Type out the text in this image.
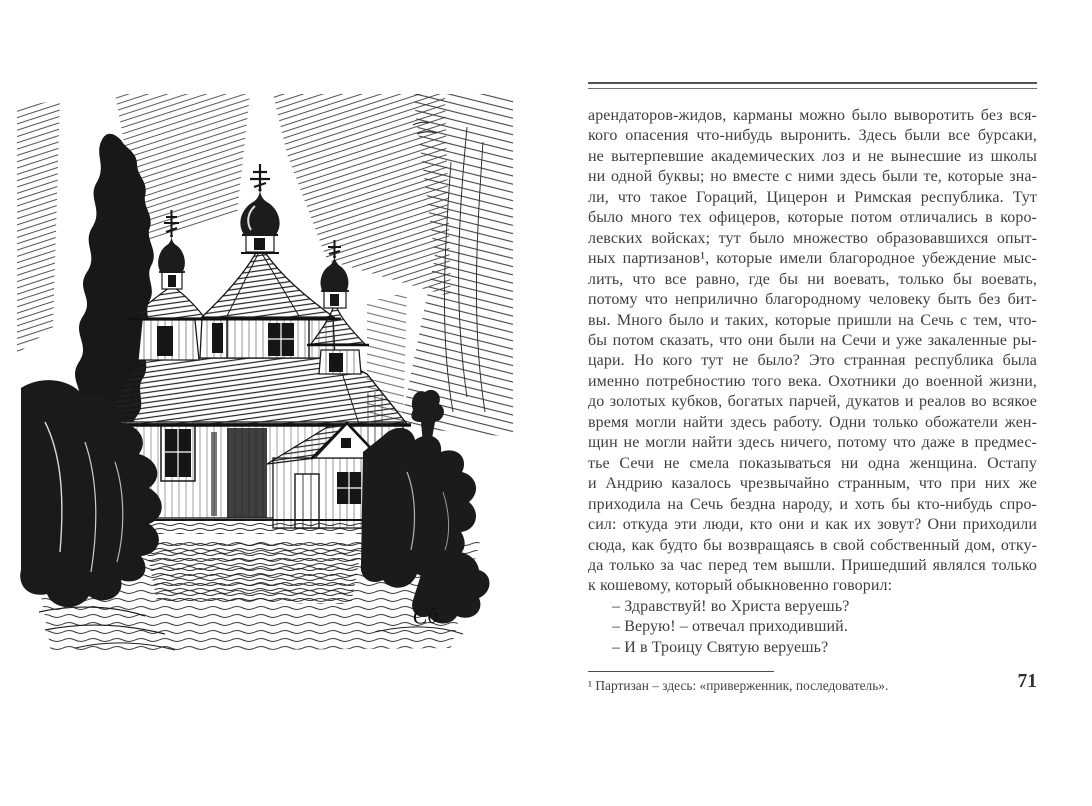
Сб.
арендаторов-жидов, карманы можно было выворотить без вся-
кого опасения что-нибудь выронить. Здесь были все бурсаки,
не вытерпевшие академических лоз и не вынесшие из школы
ни одной буквы; но вместе с ними здесь были те, которые зна-
ли, что такое Гораций, Цицерон и Римская республика. Тут
было много тех офицеров, которые потом отличались в коро-
левских войсках; тут было множество образовавшихся опыт-
ных партизанов¹, которые имели благородное убеждение мыс-
лить, что все равно, где бы ни воевать, только бы воевать,
потому что неприлично благородному человеку быть без бит-
вы. Много было и таких, которые пришли на Сечь с тем, что-
бы потом сказать, что они были на Сечи и уже закаленные ры-
цари. Но кого тут не было? Это странная республика была
именно потребностию того века. Охотники до военной жизни,
до золотых кубков, богатых парчей, дукатов и реалов во всякое
время могли найти здесь работу. Одни только обожатели жен-
щин не могли найти здесь ничего, потому что даже в предмес-
тье Сечи не смела показываться ни одна женщина. Остапу
и Андрию казалось чрезвычайно странным, что при них же
приходила на Сечь бездна народу, и хоть бы кто-нибудь спро-
сил: откуда эти люди, кто они и как их зовут? Они приходили
сюда, как будто бы возвращаясь в свой собственный дом, отку-
да только за час перед тем вышли. Пришедший являлся только
к кошевому, который обыкновенно говорил:
– Здравствуй! во Христа веруешь?
– Верую! – отвечал приходивший.
– И в Троицу Святую веруешь?
¹ Партизан – здесь: «приверженник, последователь».	71
